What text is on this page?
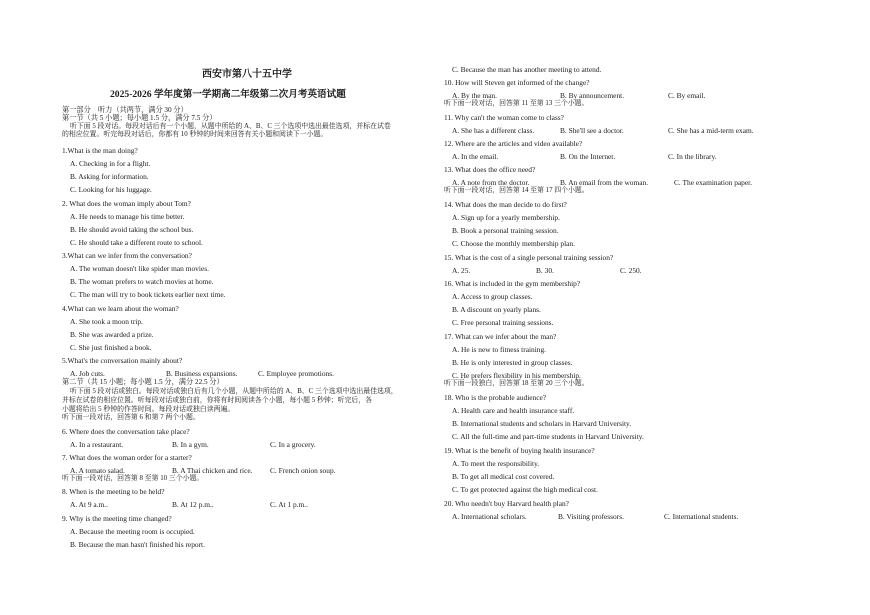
西安市第八十五中学
2025-2026 学年度第一学期高二年级第二次月考英语试题
第一部分　听力（共两节，满分 30 分）
第一节（共 5 小题；每小题 1.5 分，满分 7.5 分）
听下面 5 段对话。每段对话后有一个小题，从题中所给的 A、B、C 三个选项中选出最佳选项，并标在试卷
的相应位置。听完每段对话后，你都有 10 秒钟的时间来回答有关小题和阅读下一小题。
1.What is the man doing?
A. Checking in for a flight.
B. Asking for information.
C. Looking for his luggage.
2. What does the woman imply about Tom?
A. He needs to manage his time better.
B. He should avoid taking the school bus.
C. He should take a different route to school.
3.What can we infer from the conversation?
A. The woman doesn't like spider man movies.
B. The woman prefers to watch movies at home.
C. The man will try to book tickets earlier next time.
4.What can we learn about the woman?
A. She took a moon trip.
B. She was awarded a prize.
C. She just finished a book.
5.What's the conversation mainly about?
A. Job cuts.	B. Business expansions.	C. Employee promotions.
第二节（共 15 小题；每小题 1.5 分，满分 22.5 分）
听下面 5 段对话或独白。每段对话或独白后有几个小题，从题中所给的 A、B、C 三个选项中选出最佳选项，
并标在试卷的相应位置。听每段对话或独白前，你将有时间阅读各个小题，每小题 5 秒钟；听完后，各
小题将给出 5 秒钟的作答时间。每段对话或独白读两遍。
听下面一段对话，回答第 6 和第 7 两个小题。
6. Where does the conversation take place?
A. In a restaurant.	B. In a gym.	C. In a grocery.
7. What does the woman order for a starter?
A. A tomato salad.	B. A Thai chicken and rice. C. French onion soup.
听下面一段对话，回答第 8 至第 10 三个小题。
8. When is the meeting to be held?
A. At 9 a.m..	B. At 12 p.m..	C. At 1 p.m..
9. Why is the meeting time changed?
A. Because the meeting room is occupied.
B. Because the man hasn't finished his report.
C. Because the man has another meeting to attend.
10. How will Steven get informed of the change?
A. By the man.	B. By announcement.	C. By email.
听下面一段对话，回答第 11 至第 13 三个小题。
11. Why can't the woman come to class?
A. She has a different class.	B. She'll see a doctor.	C. She has a mid-term exam.
12. Where are the articles and video available?
A. In the email.	B. On the Internet.	C. In the library.
13. What does the office need?
A. A note from the doctor.	B. An email from the woman.	C. The examination paper.
听下面一段对话，回答第 14 至第 17 四个小题。
14. What does the man decide to do first?
A. Sign up for a yearly membership.
B. Book a personal training session.
C. Choose the monthly membership plan.
15. What is the cost of a single personal training session?
A. 25.	B. 30.	C. 250.
16. What is included in the gym membership?
A. Access to group classes.
B. A discount on yearly plans.
C. Free personal training sessions.
17. What can we infer about the man?
A. He is new to fitness training.
B. He is only interested in group classes.
C. He prefers flexibility in his membership.
听下面一段独白，回答第 18 至第 20 三个小题。
18. Who is the probable audience?
A. Health care and health insurance staff.
B. International students and scholars in Harvard University.
C. All the full-time and part-time students in Harvard University.
19. What is the benefit of buying health insurance?
A. To meet the responsibility.
B. To get all medical cost covered.
C. To get protected against the high medical cost.
20. Who needn't buy Harvard health plan?
A. International scholars.	B. Visiting professors.	C. International students.
